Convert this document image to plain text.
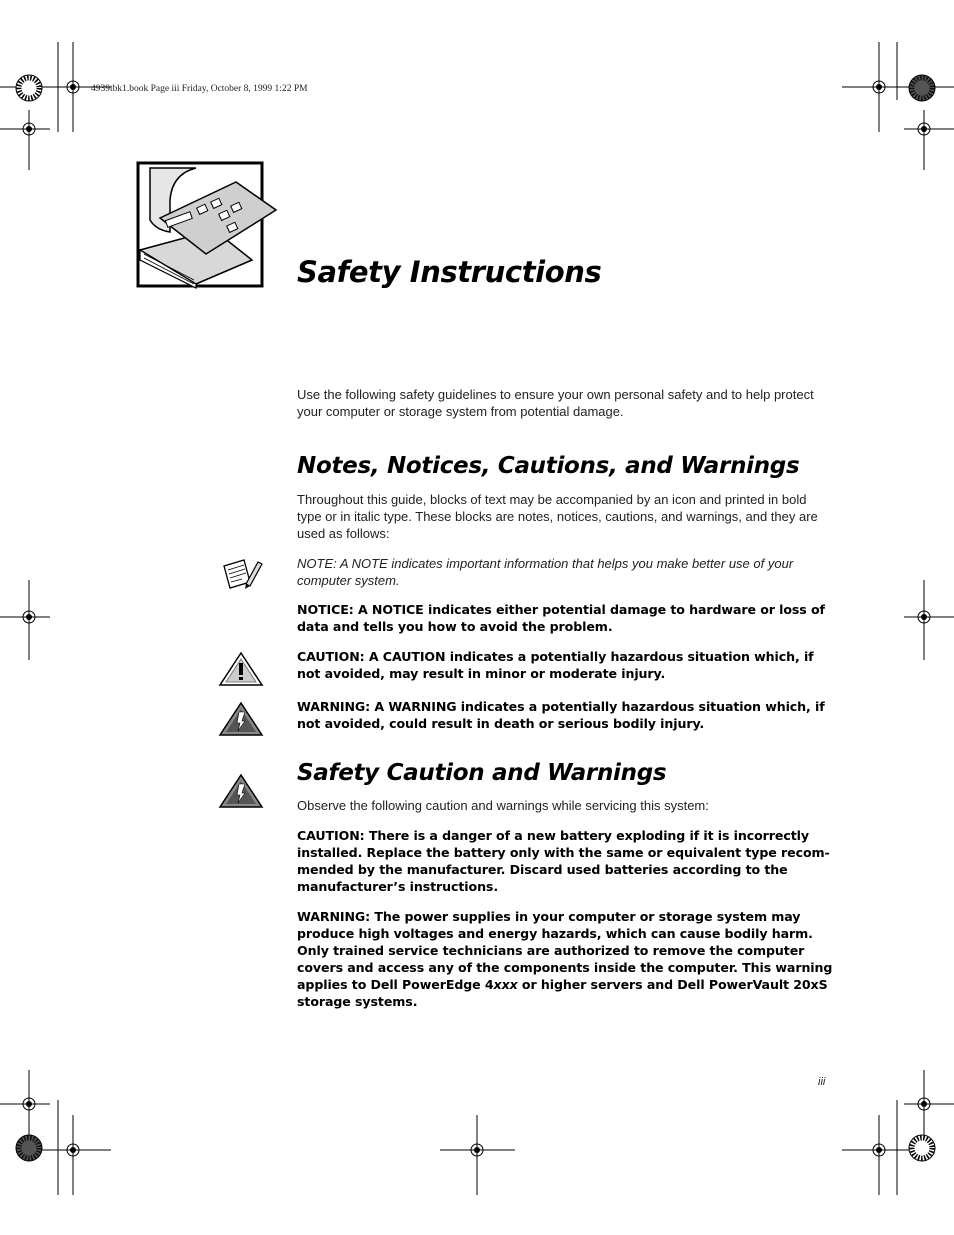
4939tbk1.book Page iii Friday, October 8, 1999 1:22 PM
Safety Instructions
Use the following safety guidelines to ensure your own personal safety and to help protect your computer or storage system from potential damage.
Notes, Notices, Cautions, and Warnings
Throughout this guide, blocks of text may be accompanied by an icon and printed in bold type or in italic type. These blocks are notes, notices, cautions, and warnings, and they are used as follows:
NOTE: A NOTE indicates important information that helps you make better use of your computer system.
NOTICE: A NOTICE indicates either potential damage to hardware or loss of data and tells you how to avoid the problem.
CAUTION: A CAUTION indicates a potentially hazardous situation which, if not avoided, may result in minor or moderate injury.
WARNING: A WARNING indicates a potentially hazardous situation which, if not avoided, could result in death or serious bodily injury.
Safety Caution and Warnings
Observe the following caution and warnings while servicing this system:
CAUTION: There is a danger of a new battery exploding if it is incorrectly installed. Replace the battery only with the same or equivalent type recom-mended by the manufacturer. Discard used batteries according to the manufacturer’s instructions.
WARNING: The power supplies in your computer or storage system may produce high voltages and energy hazards, which can cause bodily harm. Only trained service technicians are authorized to remove the computer covers and access any of the components inside the computer. This warning applies to Dell PowerEdge 4xxx or higher servers and Dell PowerVault 20xS storage systems.
iii
